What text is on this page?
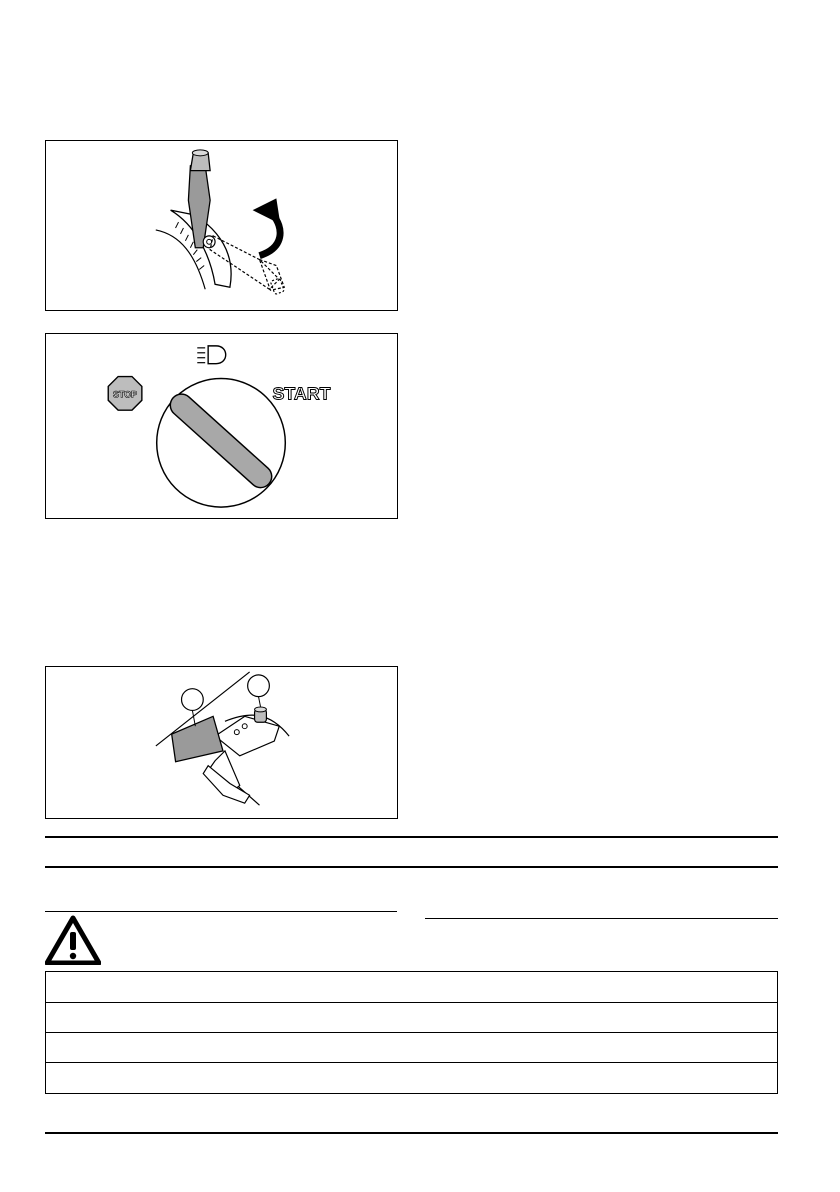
STOP	START
